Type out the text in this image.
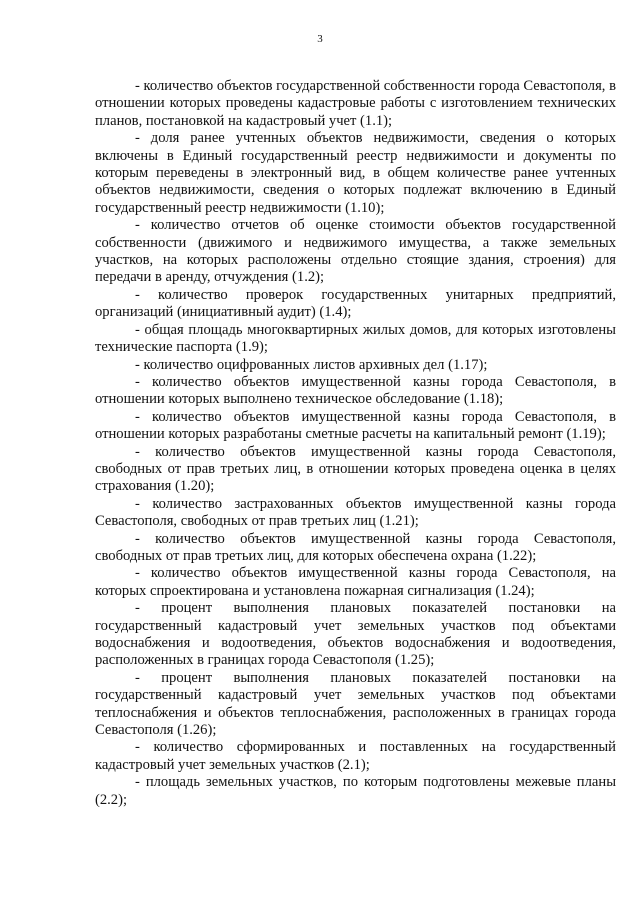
3

- количество объектов государственной собственности города Севастополя, в отношении которых проведены кадастровые работы с изготовлением технических планов, постановкой на кадастровый учет (1.1);

- доля ранее учтенных объектов недвижимости, сведения о которых включены в Единый государственный реестр недвижимости и документы по которым переведены в электронный вид, в общем количестве ранее учтенных объектов недвижимости, сведения о которых подлежат включению в Единый государственный реестр недвижимости (1.10);

- количество отчетов об оценке стоимости объектов государственной собственности (движимого и недвижимого имущества, а также земельных участков, на которых расположены отдельно стоящие здания, строения) для передачи в аренду, отчуждения (1.2);

- количество проверок государственных унитарных предприятий, организаций (инициативный аудит) (1.4);

- общая площадь многоквартирных жилых домов, для которых изготовлены технические паспорта (1.9);

- количество оцифрованных листов архивных дел (1.17);

- количество объектов имущественной казны города Севастополя, в отношении которых выполнено техническое обследование (1.18);

- количество объектов имущественной казны города Севастополя, в отношении которых разработаны сметные расчеты на капитальный ремонт (1.19);

- количество объектов имущественной казны города Севастополя, свободных от прав третьих лиц, в отношении которых проведена оценка в целях страхования (1.20);

- количество застрахованных объектов имущественной казны города Севастополя, свободных от прав третьих лиц (1.21);

- количество объектов имущественной казны города Севастополя, свободных от прав третьих лиц, для которых обеспечена охрана (1.22);

- количество объектов имущественной казны города Севастополя, на которых спроектирована и установлена пожарная сигнализация (1.24);

- процент выполнения плановых показателей постановки на государственный кадастровый учет земельных участков под объектами водоснабжения и водоотведения, объектов водоснабжения и водоотведения, расположенных в границах города Севастополя (1.25);

- процент выполнения плановых показателей постановки на государственный кадастровый учет земельных участков под объектами теплоснабжения и объектов теплоснабжения, расположенных в границах города Севастополя (1.26);

- количество сформированных и поставленных на государственный кадастровый учет земельных участков (2.1);

- площадь земельных участков, по которым подготовлены межевые планы (2.2);
